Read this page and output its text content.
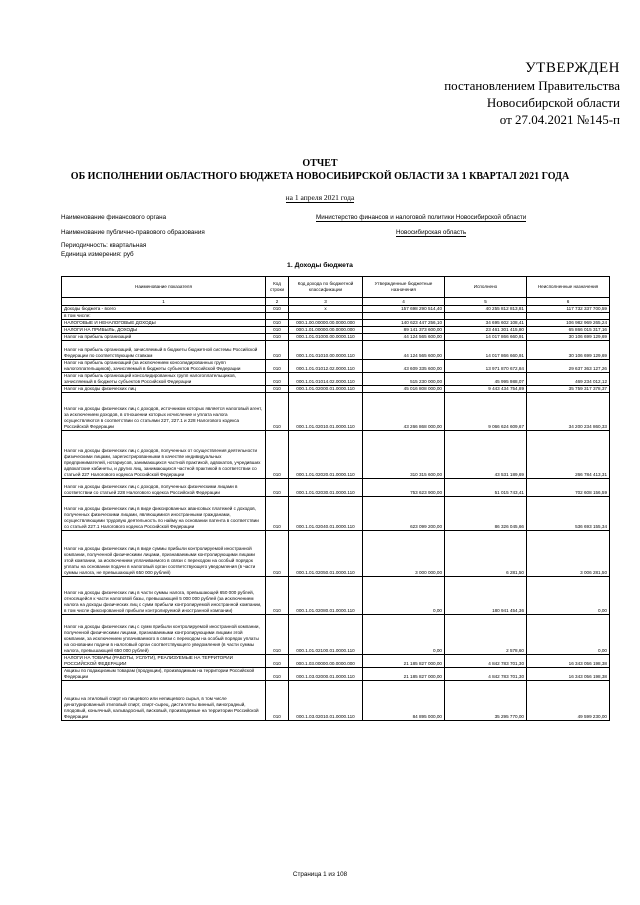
УТВЕРЖДЕН
постановлением Правительства
Новосибирской области
от 27.04.2021 №145-п
ОТЧЕТ
ОБ ИСПОЛНЕНИИ ОБЛАСТНОГО БЮДЖЕТА НОВОСИБИРСКОЙ ОБЛАСТИ ЗА 1 КВАРТАЛ 2021 ГОДА
на 1 апреля 2021 года
Наименование финансового органа	Министерство финансов и налоговой политики Новосибирской области
Наименование публично-правового образования	Новосибирская область
Периодичность: квартальная
Единица измерения: руб
1. Доходы бюджета
Наименование показателя	Код строки	Код дохода по бюджетной классификации	Утвержденные бюджетные назначения	Исполнено	Неисполненные назначения
1	2	3	4	5	6
Доходы бюджета - всего	010	х	157 698 290 514,40	40 255 812 813,81	117 732 337 700,59
в том числе:					
НАЛОГОВЫЕ И НЕНАЛОГОВЫЕ ДОХОДЫ	010	000.1.00.00000.00.0000.000	140 623 447 256,10	34 695 602 108,41	106 982 969 265,24
НАЛОГИ НА ПРИБЫЛЬ, ДОХОДЫ	010	000.1.01.00000.00.0000.000	89 141 373 600,00	23 461 301 415,80	65 866 015 317,16
Налог на прибыль организаций	010	000.1.01.01000.00.0000.110	44 124 565 600,00	14 017 866 660,91	30 106 699 129,69
Налог на прибыль организаций, зачисляемый в бюджеты бюджетной системы Российской Федерации по соответствующим ставкам	010	000.1.01.01010.00.0000.110	44 124 565 600,00	14 017 866 660,91	30 106 699 129,69
Налог на прибыль организаций (за исключением консолидированных групп налогоплательщиков), зачисляемый в бюджеты субъектов Российской Федерации	010	000.1.01.01012.02.0000.110	43 609 335 600,00	13 971 870 672,84	29 637 363 127,26
Налог на прибыль организаций консолидированных групп налогоплательщиков, зачисляемый в бюджеты субъектов Российской Федерации	010	000.1.01.01014.02.0000.110	515 230 000,00	45 995 988,07	469 234 012,12
Налог на доходы физических лиц	010	000.1.01.02000.01.0000.110	45 016 808 000,00	9 443 434 754,89	35 759 317 378,37
Налог на доходы физических лиц с доходов, источником которых является налоговый агент, за исключением доходов, в отношении которых исчисление и уплата налога осуществляются в соответствии со статьями 227, 227.1 и 228 Налогового кодекса Российской Федерации	010	000.1.01.02010.01.0000.110	43 266 868 000,00	9 066 624 609,67	34 200 234 860,33
Налог на доходы физических лиц с доходов, полученных от осуществления деятельности физическими лицами, зарегистрированными в качестве индивидуальных предпринимателей, нотариусов, занимающихся частной практикой, адвокатов, учредивших адвокатские кабинеты, и других лиц, занимающихся частной практикой в соответствии со статьей 227 Налогового кодекса Российской Федерации	010	000.1.01.02020.01.0000.110	310 315 600,00	43 531 189,69	266 784 413,31
Налог на доходы физических лиц с доходов, полученных физическими лицами в соответствии со статьей 228 Налогового кодекса Российской Федерации	010	000.1.01.02030.01.0000.110	753 623 900,00	51 015 743,41	702 608 156,59
Налог на доходы физических лиц в виде фиксированных авансовых платежей с доходов, полученных физическими лицами, являющимися иностранными гражданами, осуществляющими трудовую деятельность по найму на основании патента в соответствии со статьей 227.1 Налогового кодекса Российской Федерации	010	000.1.01.02040.01.0000.110	623 099 200,00	86 326 045,66	536 693 155,34
Налог на доходы физических лиц в виде суммы прибыли контролируемой иностранной компании, полученной физическими лицами, признаваемыми контролирующими лицами этой компании, за исключением уплачиваемого в связи с переходом на особый порядок уплаты на основании подачи в налоговый орган соответствующего уведомления (в части суммы налога, не превышающей 650 000 рублей)	010	000.1.01.02050.01.0000.110	3 000 000,00	6 281,50	3 006 281,50
Налог на доходы физических лиц в части суммы налога, превышающей 650 000 рублей, относящейся к части налоговой базы, превышающей 5 000 000 рублей (за исключением налога на доходы физических лиц с сумм прибыли контролируемой иностранной компании, в том числе фиксированной прибыли контролируемой иностранной компании)	010	000.1.01.02080.01.0000.110	0,00	180 941 454,36	0,00
Налог на доходы физических лиц с сумм прибыли контролируемой иностранной компании, полученной физическими лицами, признаваемыми контролирующими лицами этой компании, за исключением уплачиваемого в связи с переходом на особый порядок уплаты на основании подачи в налоговый орган соответствующего уведомления (в части суммы налога, превышающей 650 000 рублей)	010	000.1.01.02100.01.0000.110	0,00	2 578,60	0,00
НАЛОГИ НА ТОВАРЫ (РАБОТЫ, УСЛУГИ), РЕАЛИЗУЕМЫЕ НА ТЕРРИТОРИИ РОССИЙСКОЙ ФЕДЕРАЦИИ	010	000.1.03.00000.00.0000.000	21 185 827 000,00	4 842 783 701,30	16 343 056 198,38
Акцизы по подакцизным товарам (продукции), производимым на территории Российской Федерации	010	000.1.03.02000.01.0000.110	21 185 827 000,00	4 842 783 701,30	16 343 056 198,38
Акцизы на этиловый спирт из пищевого или непищевого сырья, в том числе денатурированный этиловый спирт, спирт-сырец, дистилляты винный, виноградный, плодовый, коньячный, кальвадосный, висковый, производимые на территории Российской Федерации	010	000.1.03.02010.01.0000.110	84 895 000,00	35 295 770,00	49 599 230,00
Страница 1 из 108
